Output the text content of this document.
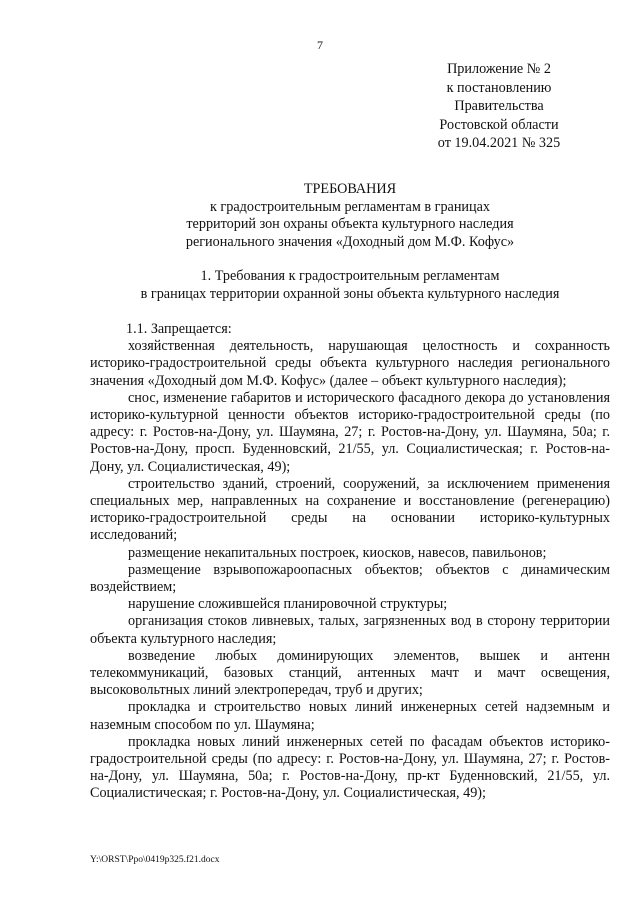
7
Приложение № 2
к постановлению
Правительства
Ростовской области
от 19.04.2021 № 325
ТРЕБОВАНИЯ
к градостроительным регламентам в границах
территорий зон охраны объекта культурного наследия
регионального значения «Доходный дом М.Ф. Кофус»
1. Требования к градостроительным регламентам
в границах территории охранной зоны объекта культурного наследия

1.1. Запрещается:

хозяйственная деятельность, нарушающая целостность и сохранность историко-градостроительной среды объекта культурного наследия регионального значения «Доходный дом М.Ф. Кофус» (далее – объект культурного наследия);

снос, изменение габаритов и исторического фасадного декора до установления историко-культурной ценности объектов историко-градостроительной среды (по адресу: г. Ростов-на-Дону, ул. Шаумяна, 27; г. Ростов-на-Дону, ул. Шаумяна, 50а; г. Ростов-на-Дону, просп. Буденновский, 21/55, ул. Социалистическая; г. Ростов-на-Дону, ул. Социалистическая, 49);

строительство зданий, строений, сооружений, за исключением применения специальных мер, направленных на сохранение и восстановление (регенерацию) историко-градостроительной среды на основании историко-культурных исследований;

размещение некапитальных построек, киосков, навесов, павильонов;

размещение взрывопожароопасных объектов; объектов с динамическим воздействием;

нарушение сложившейся планировочной структуры;

организация стоков ливневых, талых, загрязненных вод в сторону территории объекта культурного наследия;

возведение любых доминирующих элементов, вышек и антенн телекоммуникаций, базовых станций, антенных мачт и мачт освещения, высоковольтных линий электропередач, труб и других;

прокладка и строительство новых линий инженерных сетей надземным и наземным способом по ул. Шаумяна;

прокладка новых линий инженерных сетей по фасадам объектов историко-градостроительной среды (по адресу: г. Ростов-на-Дону, ул. Шаумяна, 27; г. Ростов-на-Дону, ул. Шаумяна, 50а; г. Ростов-на-Дону, пр-кт Буденновский, 21/55, ул. Социалистическая; г. Ростов-на-Дону, ул. Социалистическая, 49);

Y:\ORST\Ppo\0419p325.f21.docx
